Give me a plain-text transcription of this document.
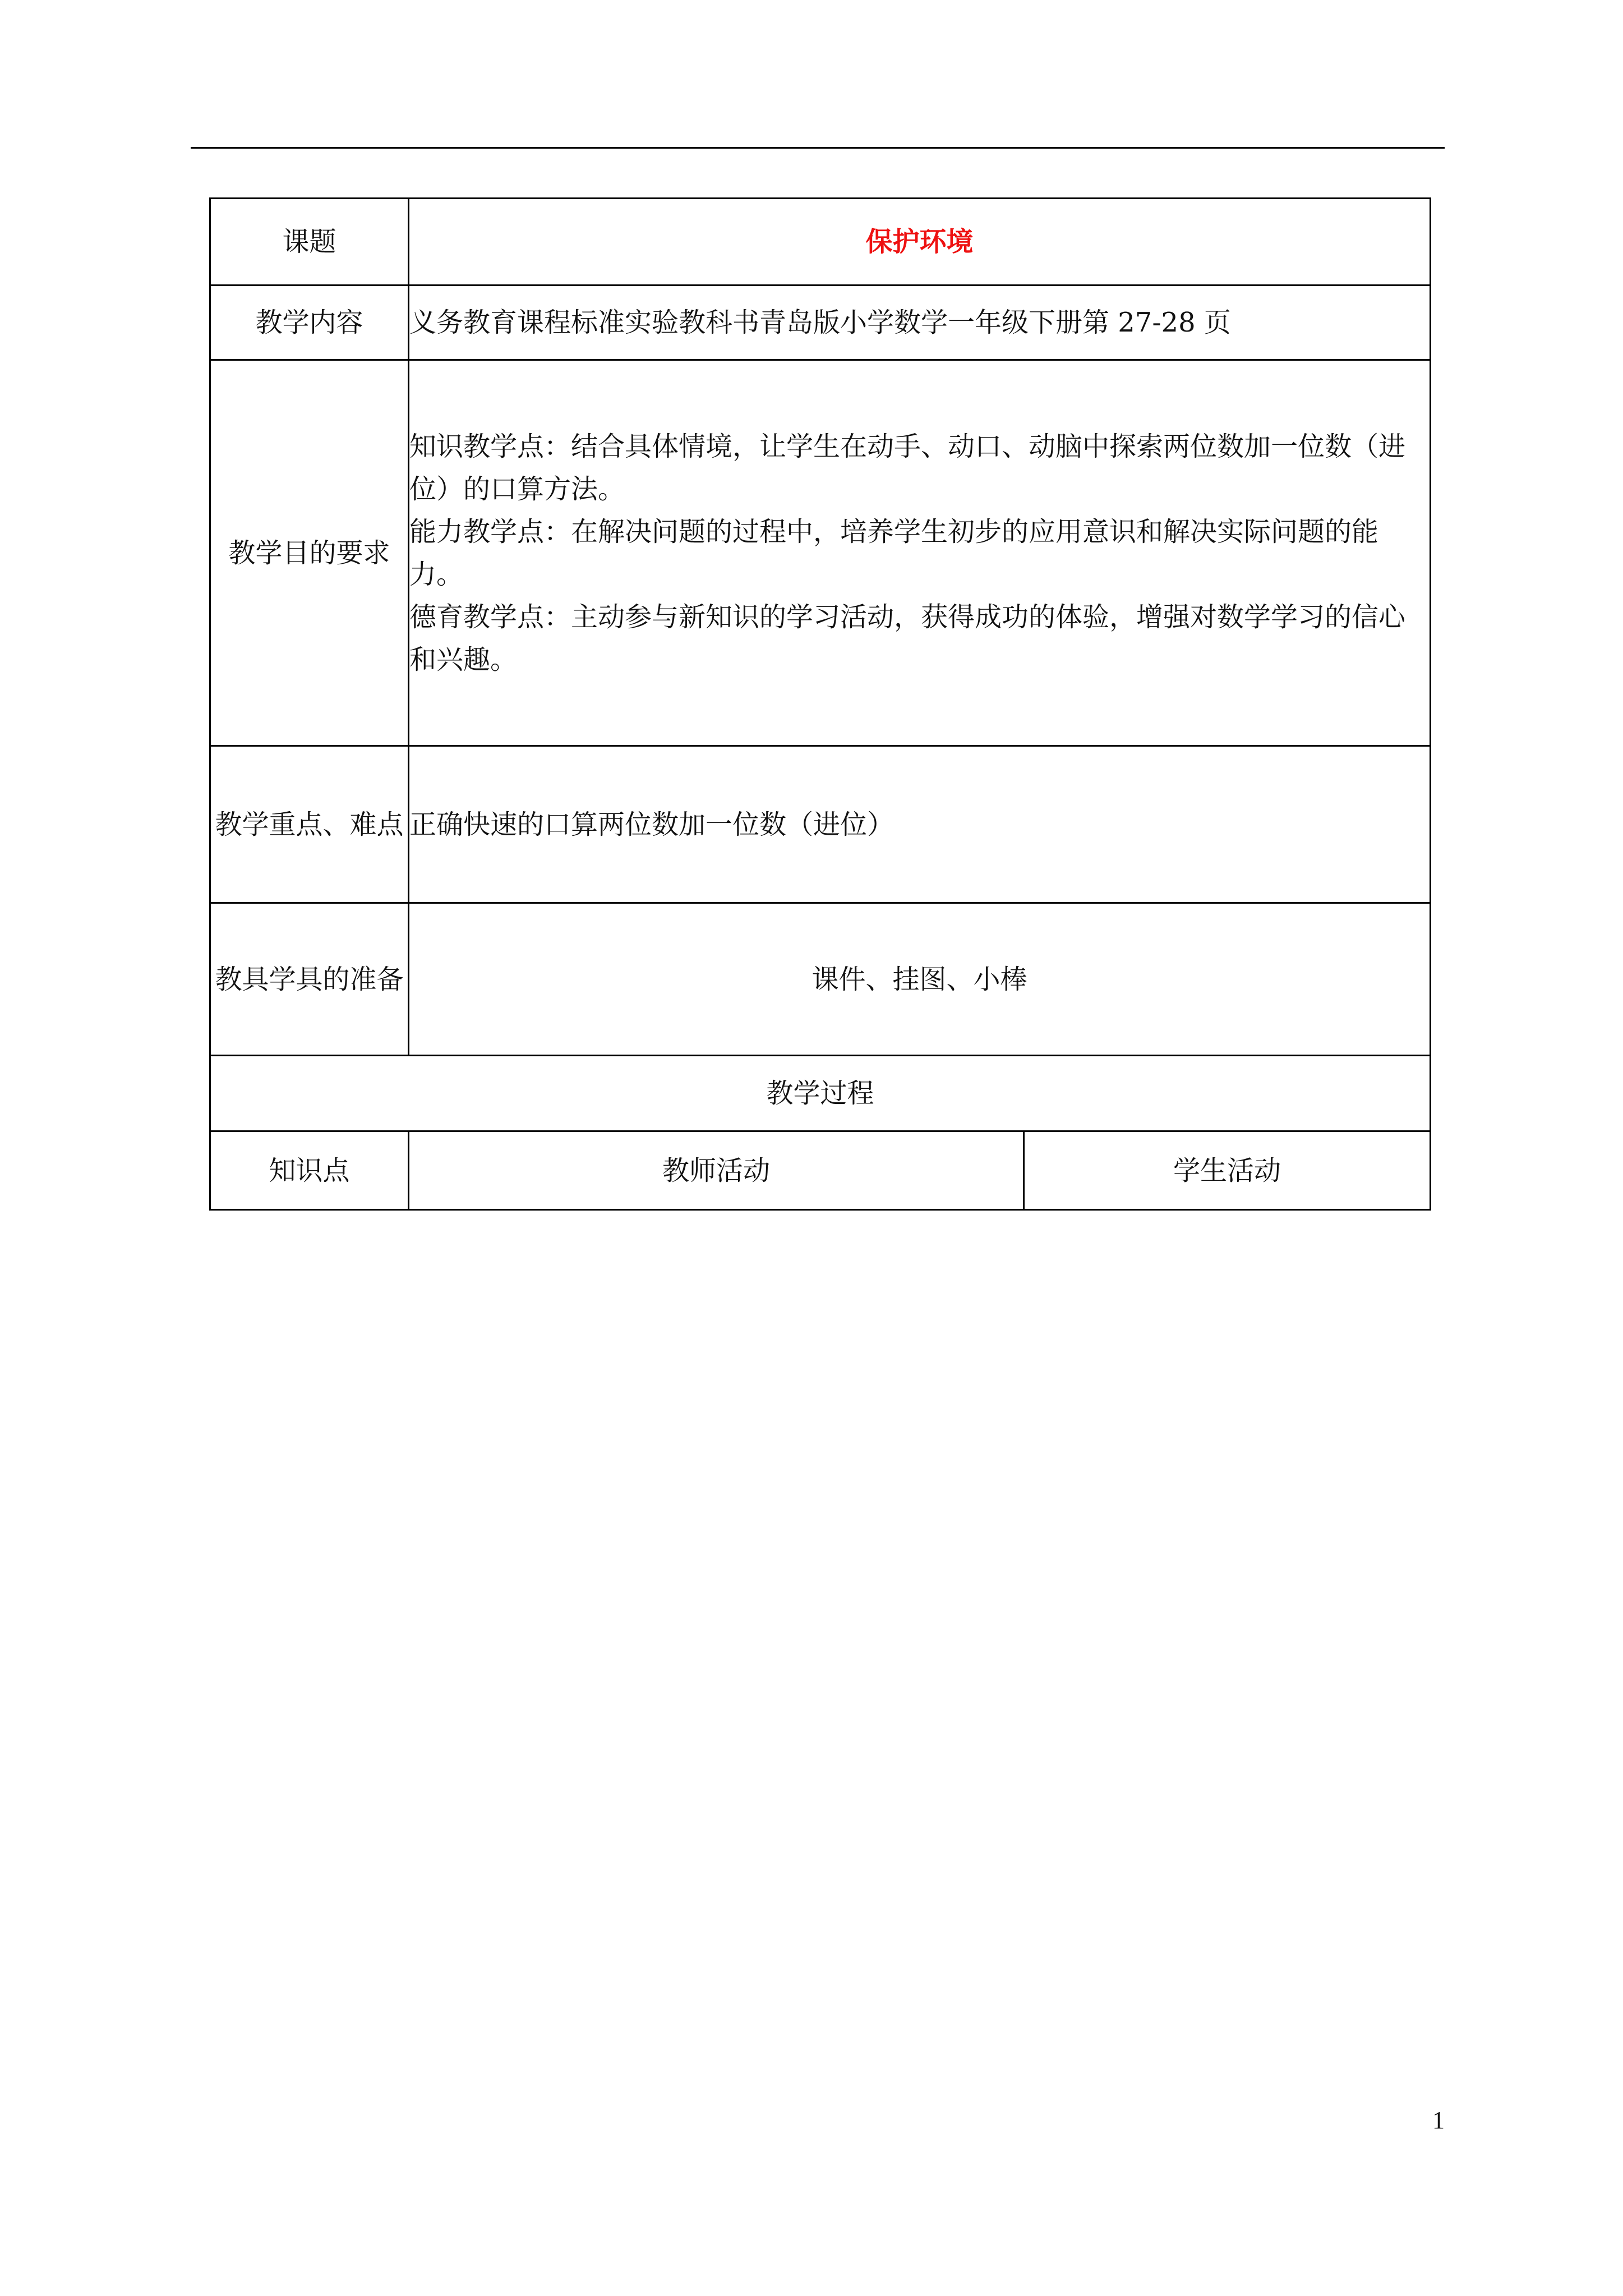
课题	保护环境	
教学内容	义务教育课程标准实验教科书青岛版小学数学一年级下册第 27-28 页	
教学目的要求	知识教学点：结合具体情境，让学生在动手、动口、动脑中探索两位数加一位数（进位）的口算方法。

能力教学点：在解决问题的过程中，培养学生初步的应用意识和解决实际问题的能力。

德育教学点：主动参与新知识的学习活动，获得成功的体验，增强对数学学习的信心和兴趣。	

教学重点、难点	正确快速的口算两位数加一位数（进位）	
教具学具的准备	课件、挂图、小棒	
教学过程		
知识点	教师活动	学生活动
1
